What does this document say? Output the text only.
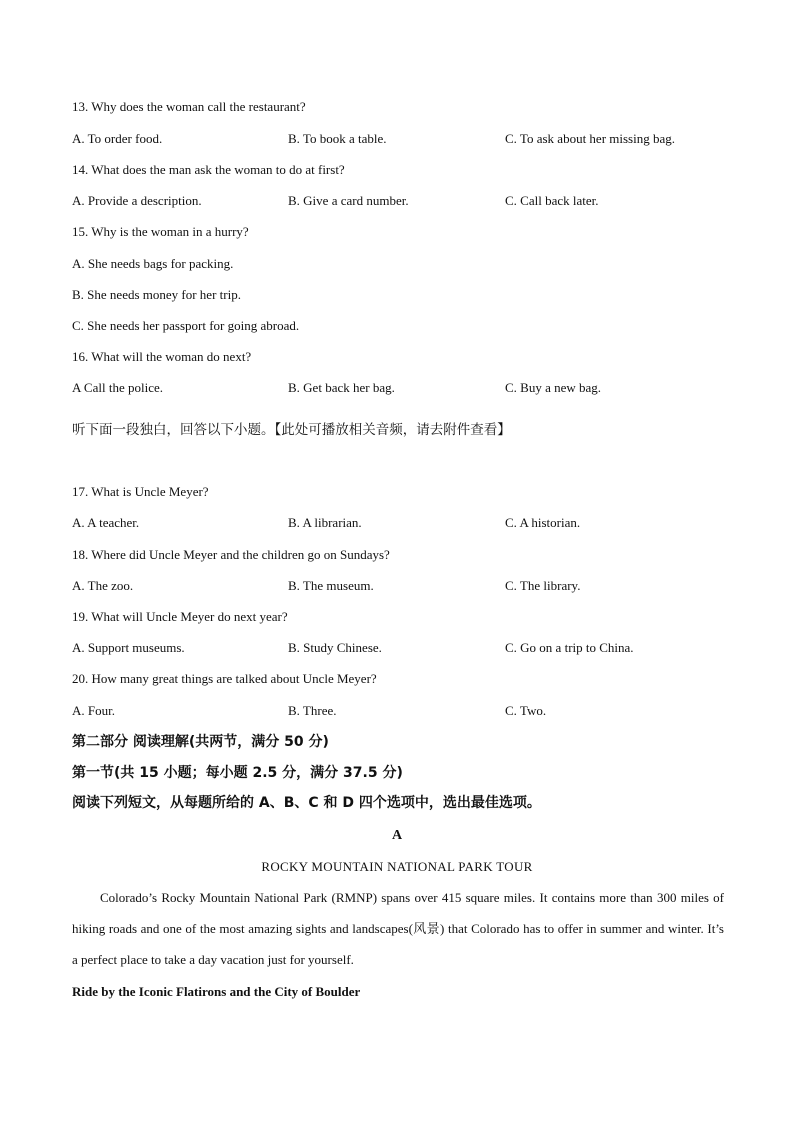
13. Why does the woman call the restaurant?
A. To order food.	B. To book a table.	C. To ask about her missing bag.
14. What does the man ask the woman to do at first?
A. Provide a description.	B. Give a card number.	C. Call back later.
15. Why is the woman in a hurry?
A. She needs bags for packing.
B. She needs money for her trip.
C. She needs her passport for going abroad.
16. What will the woman do next?
A Call the police.	B. Get back her bag.	C. Buy a new bag.
听下面一段独白，回答以下小题。【此处可播放相关音频，请去附件查看】
17. What is Uncle Meyer?
A. A teacher.	B. A librarian.	C. A historian.
18. Where did Uncle Meyer and the children go on Sundays?
A. The zoo.	B. The museum.	C. The library.
19. What will Uncle Meyer do next year?
A. Support museums.	B. Study Chinese.	C. Go on a trip to China.
20. How many great things are talked about Uncle Meyer?
A. Four.	B. Three.	C. Two.
第二部分 阅读理解(共两节，满分 50 分)
第一节(共 15 小题；每小题 2.5 分，满分 37.5 分)
阅读下列短文，从每题所给的 A、B、C 和 D 四个选项中，选出最佳选项。
A
ROCKY MOUNTAIN NATIONAL PARK TOUR
Colorado’s Rocky Mountain National Park (RMNP) spans over 415 square miles. It contains more than 300 miles of hiking roads and one of the most amazing sights and landscapes(风景) that Colorado has to offer in summer and winter. It’s a perfect place to take a day vacation just for yourself.
Ride by the Iconic Flatirons and the City of Boulder
